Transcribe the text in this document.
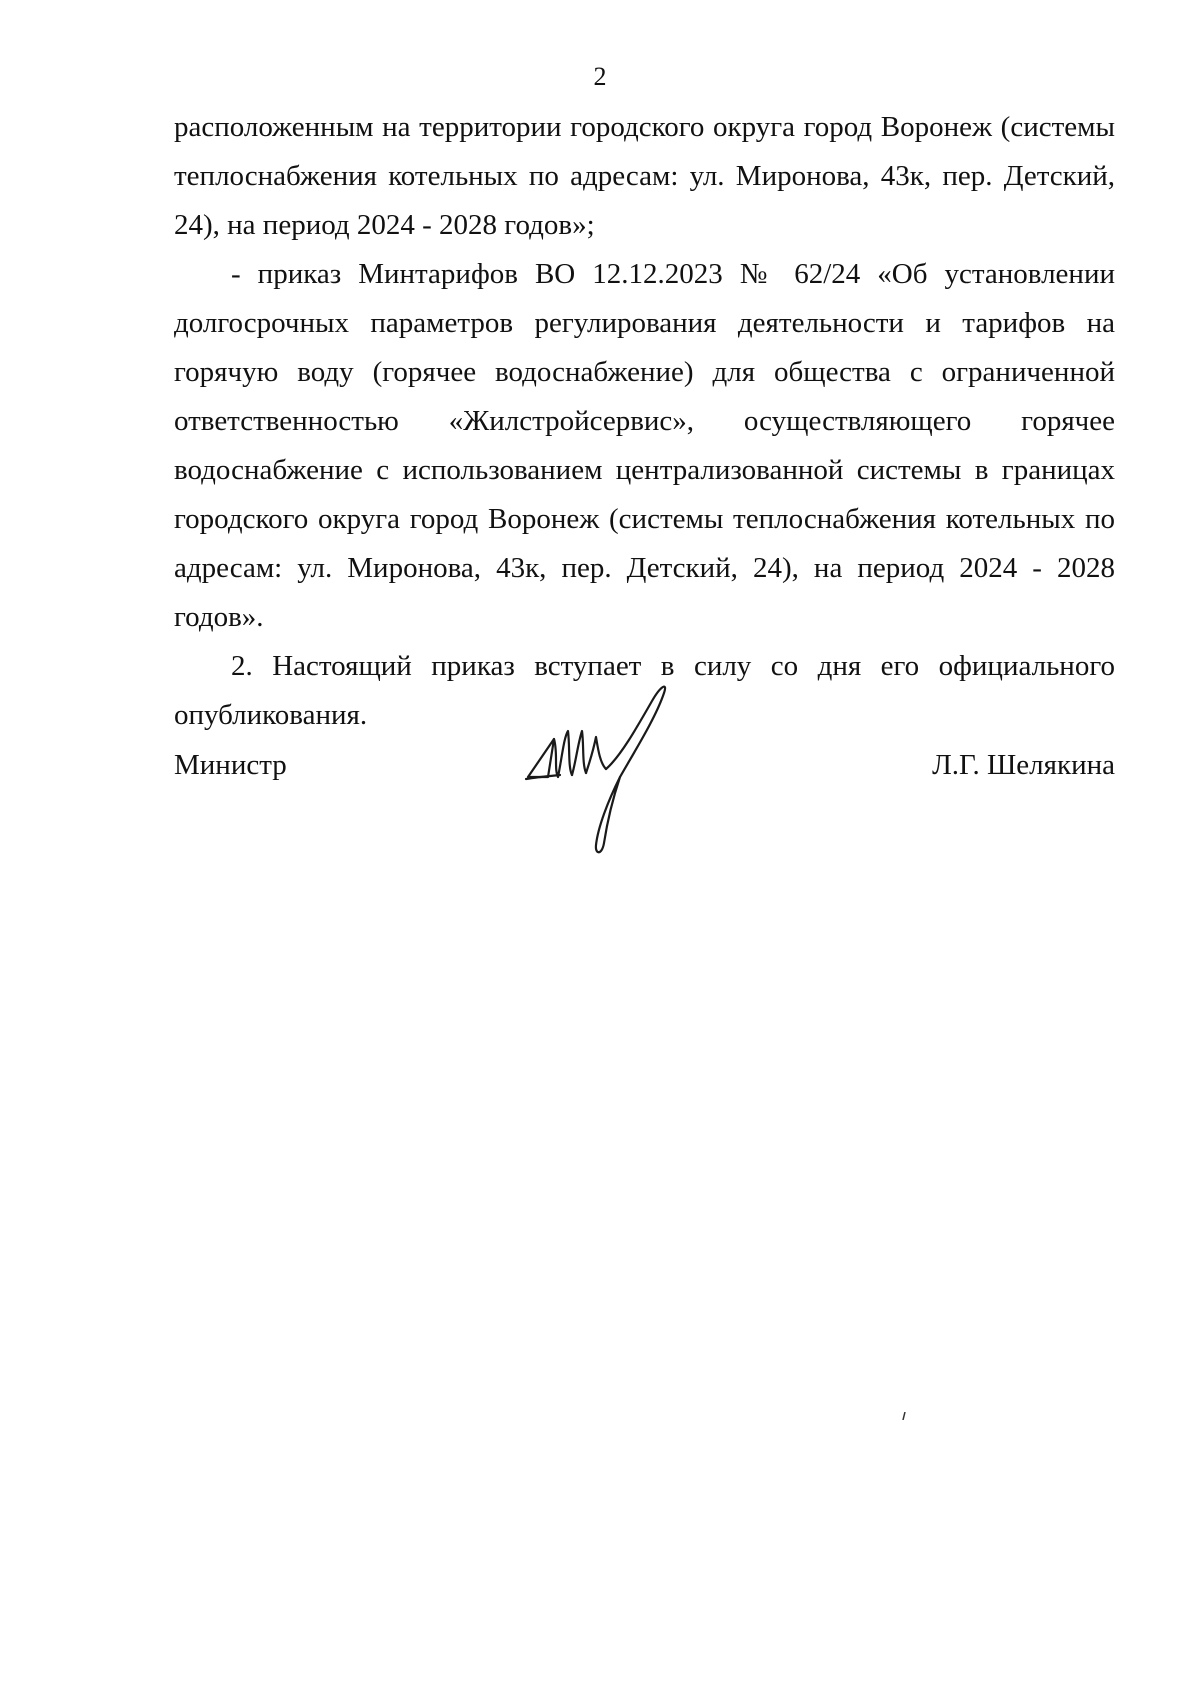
2

расположенным на территории городского округа город Воронеж (системы теплоснабжения котельных по адресам: ул. Миронова, 43к, пер. Детский, 24), на период 2024 - 2028 годов»;

- приказ Минтарифов ВО 12.12.2023 № 62/24 «Об установлении долгосрочных параметров регулирования деятельности и тарифов на горячую воду (горячее водоснабжение) для общества с ограниченной ответственностью «Жилстройсервис», осуществляющего горячее водоснабжение с использованием централизованной системы в границах городского округа город Воронеж (системы теплоснабжения котельных по адресам: ул. Миронова, 43к, пер. Детский, 24), на период 2024 - 2028 годов».

2. Настоящий приказ вступает в силу со дня его официального опубликования.

Министр	Л.Г. Шелякина
